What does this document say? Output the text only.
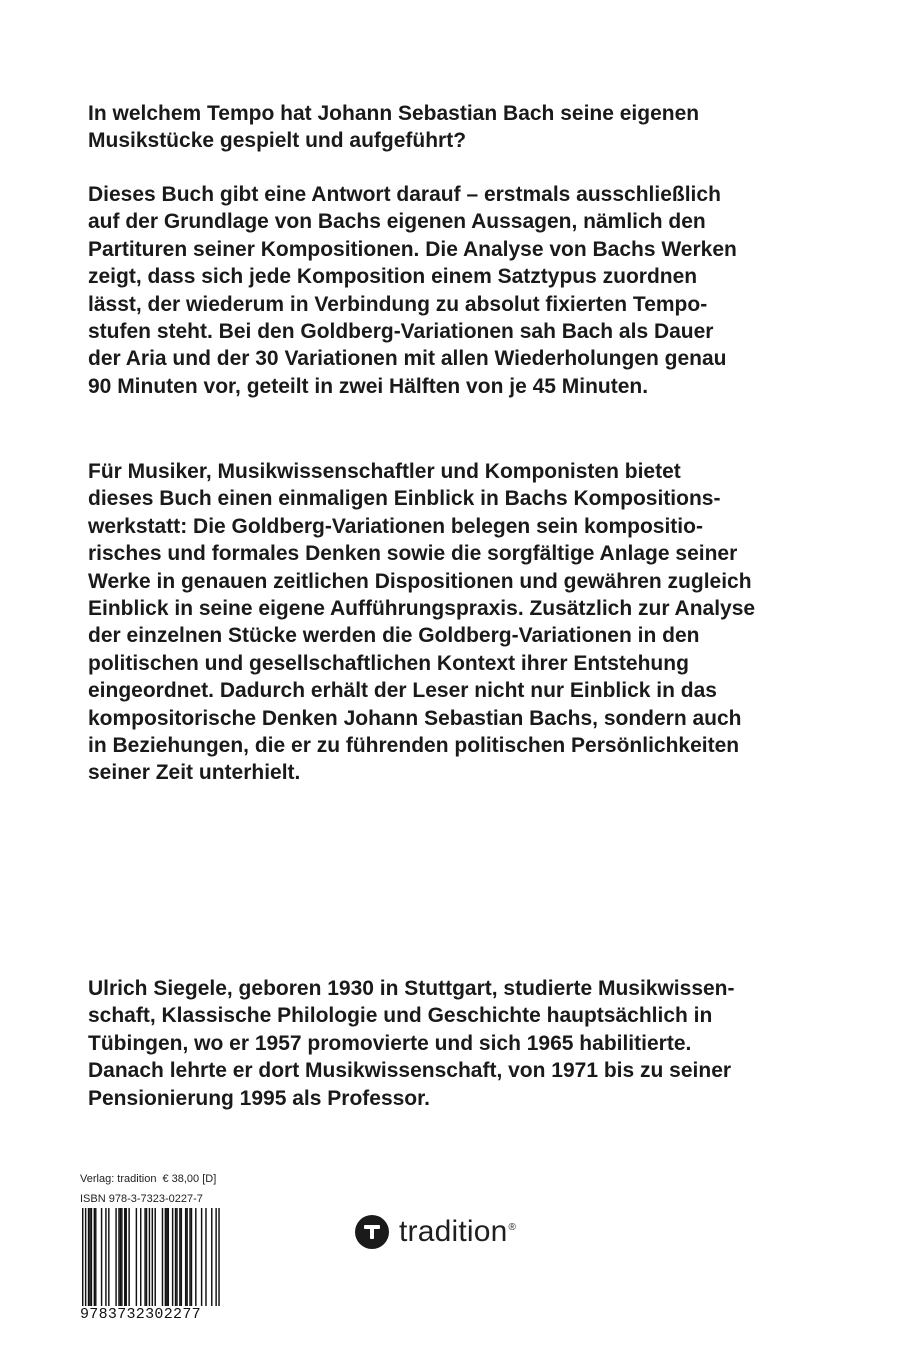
In welchem Tempo hat Johann Sebastian Bach seine eigenen
Musikstücke gespielt und aufgeführt?
Dieses Buch gibt eine Antwort darauf – erstmals ausschließlich
auf der Grundlage von Bachs eigenen Aussagen, nämlich den
Partituren seiner Kompositionen. Die Analyse von Bachs Werken
zeigt, dass sich jede Komposition einem Satztypus zuordnen
lässt, der wiederum in Verbindung zu absolut fixierten Tempo-
stufen steht. Bei den Goldberg-Variationen sah Bach als Dauer
der Aria und der 30 Variationen mit allen Wiederholungen genau
90 Minuten vor, geteilt in zwei Hälften von je 45 Minuten.
Für Musiker, Musikwissenschaftler und Komponisten bietet
dieses Buch einen einmaligen Einblick in Bachs Kompositions-
werkstatt: Die Goldberg-Variationen belegen sein kompositio-
risches und formales Denken sowie die sorgfältige Anlage seiner
Werke in genauen zeitlichen Dispositionen und gewähren zugleich
Einblick in seine eigene Aufführungspraxis. Zusätzlich zur Analyse
der einzelnen Stücke werden die Goldberg-Variationen in den
politischen und gesellschaftlichen Kontext ihrer Entstehung
eingeordnet. Dadurch erhält der Leser nicht nur Einblick in das
kompositorische Denken Johann Sebastian Bachs, sondern auch
in Beziehungen, die er zu führenden politischen Persönlichkeiten
seiner Zeit unterhielt.
Ulrich Siegele, geboren 1930 in Stuttgart, studierte Musikwissen-
schaft, Klassische Philologie und Geschichte hauptsächlich in
Tübingen, wo er 1957 promovierte und sich 1965 habilitierte.
Danach lehrte er dort Musikwissenschaft, von 1971 bis zu seiner
Pensionierung 1995 als Professor.
Verlag: tradition € 38,00 [D]
ISBN 978-3-7323-0227-7
9783732302277
tradition®
